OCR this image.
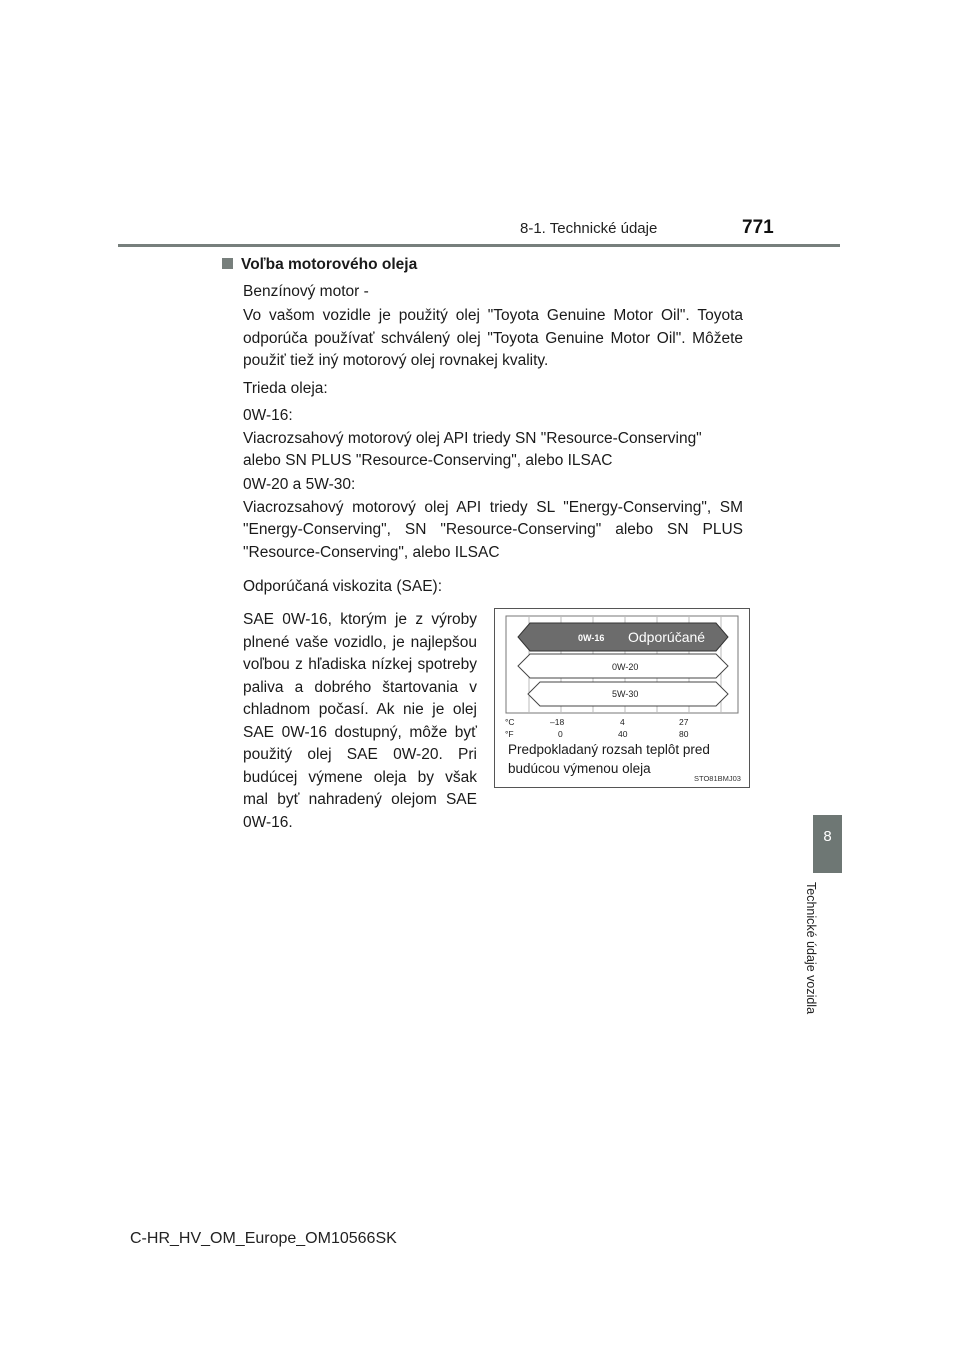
8-1. Technické údaje	771
8
Technické údaje vozidla
Voľba motorového oleja
Benzínový motor -
Vo vašom vozidle je použitý olej "Toyota Genuine Motor Oil". Toyota odporúča používať schválený olej "Toyota Genuine Motor Oil". Môžete použiť tiež iný motorový olej rovnakej kvality.
Trieda oleja:
0W-16:
Viacrozsahový motorový olej API triedy SN "Resource-Conserving" alebo SN PLUS "Resource-Conserving", alebo ILSAC
0W-20 a 5W-30:
Viacrozsahový motorový olej API triedy SL "Energy-Conserving", SM "Energy-Conserving", SN "Resource-Conserving" alebo SN PLUS "Resource-Conserving", alebo ILSAC
Odporúčaná viskozita (SAE):
SAE 0W-16, ktorým je z výroby plnené vaše vozidlo, je najlepšou voľbou z hľadiska nízkej spotreby paliva a dobrého štartovania v chladnom počasí. Ak nie je olej SAE 0W-16 dostupný, môže byť použitý olej SAE 0W-20. Pri budúcej výmene oleja by však mal byť nahradený olejom SAE 0W-16.
0W-16 Odporúčané
0W-20
5W-30
°C
°F
–18	4	27
0	40	80
Predpokladaný rozsah teplôt pred
budúcou výmenou oleja
STO81BMJ03
C-HR_HV_OM_Europe_OM10566SK
